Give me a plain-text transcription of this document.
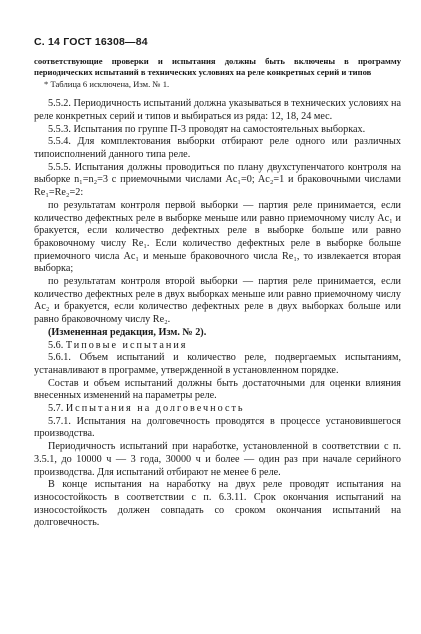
С. 14 ГОСТ 16308—84

соответствующие проверки и испытания должны быть включены в программу периодических испытаний в технических условиях на реле конкретных серий и типов

* Таблица 6 исключена, Изм. № 1.

5.5.2. Периодичность испытаний должна указываться в технических условиях на реле конкретных серий и типов и выбираться из ряда: 12, 18, 24 мес.

5.5.3. Испытания по группе П-3 проводят на самостоятельных выборках.

5.5.4. Для комплектования выборки отбирают реле одного или различных типоисполнений данного типа реле.

5.5.5. Испытания должны проводиться по плану двухступенчатого контроля на выборке n₁=n₂=3 с приемочными числами Ac₁=0; Ac₂=1 и браковочными числами Re₁=Re₂=2:

по результатам контроля первой выборки — партия реле принимается, если количество дефектных реле в выборке меньше или равно приемочному числу Ac₁ и бракуется, если количество дефектных реле в выборке больше или равно браковочному числу Re₁. Если количество дефектных реле в выборке больше приемочного числа Ac₁ и меньше браковочного числа Re₁, то извлекается вторая выборка;

по результатам контроля второй выборки — партия реле принимается, если количество дефектных реле в двух выборках меньше или равно приемочному числу Ac₂ и бракуется, если количество дефектных реле в двух выборках больше или равно браковочному числу Re₂.

(Измененная редакция, Изм. № 2).

5.6. Типовые испытания

5.6.1. Объем испытаний и количество реле, подвергаемых испытаниям, устанавливают в программе, утвержденной в установленном порядке.

Состав и объем испытаний должны быть достаточными для оценки влияния внесенных изменений на параметры реле.

5.7. Испытания на долговечность

5.7.1. Испытания на долговечность проводятся в процессе установившегося производства.

Периодичность испытаний при наработке, установленной в соответствии с п. 3.5.1, до 10000 ч — 3 года, 30000 ч и более — один раз при начале серийного производства. Для испытаний отбирают не менее 6 реле.

В конце испытания на наработку на двух реле проводят испытания на износостойкость в соответствии с п. 6.3.11. Срок окончания испытаний на износостойкость должен совпадать со сроком окончания испытаний на долговечность.
